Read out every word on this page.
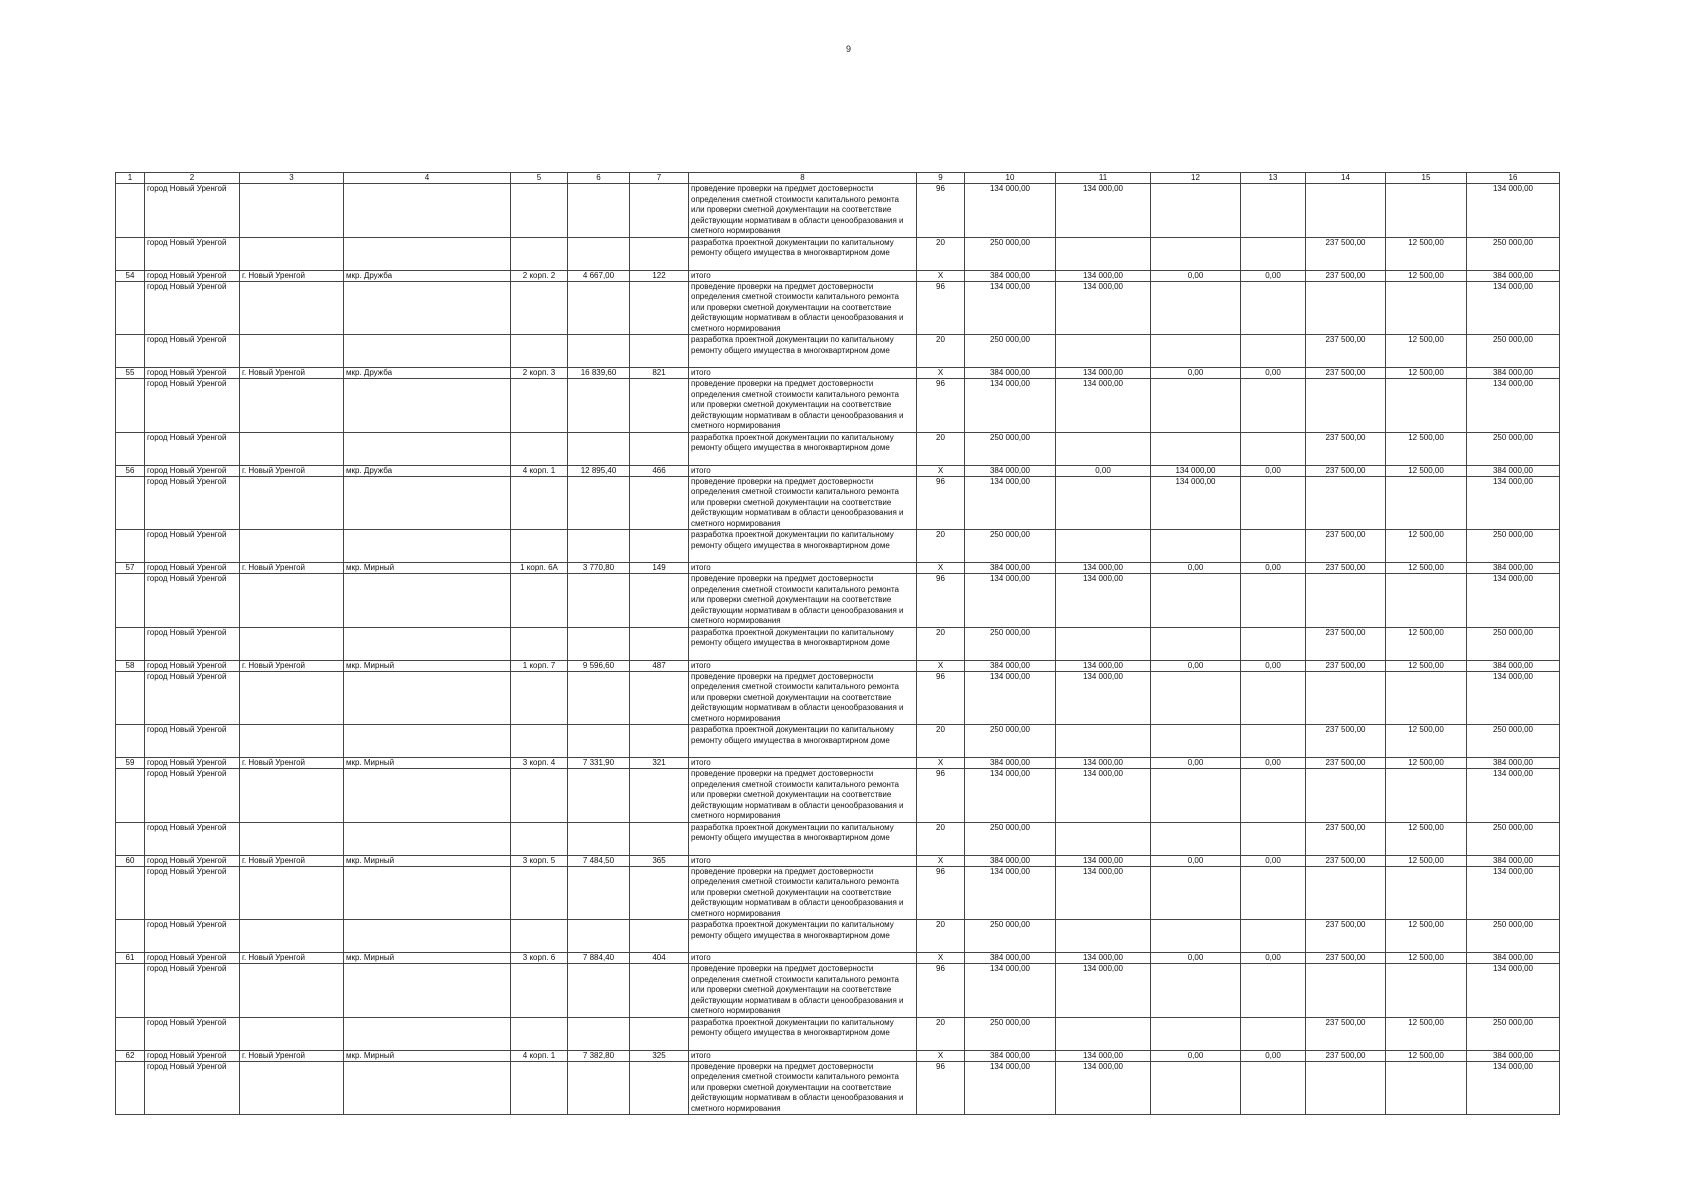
9
1	2	3	4	5	6	7	8	9	10	11	12	13	14	15	16
	город Новый Уренгой						проведение проверки на предмет достоверности определения сметной стоимости капитального ремонта или проверки сметной документации на соответствие действующим нормативам в области ценообразования и сметного нормирования	96	134 000,00	134 000,00					134 000,00
	город Новый Уренгой						разработка проектной документации по капитальному ремонту общего имущества в многоквартирном доме	20	250 000,00				237 500,00	12 500,00	250 000,00
54	город Новый Уренгой	г. Новый Уренгой	мкр. Дружба	2 корп. 2	4 667,00	122	итого	Х	384 000,00	134 000,00	0,00	0,00	237 500,00	12 500,00	384 000,00
	город Новый Уренгой						проведение проверки на предмет достоверности определения сметной стоимости капитального ремонта или проверки сметной документации на соответствие действующим нормативам в области ценообразования и сметного нормирования	96	134 000,00	134 000,00					134 000,00
	город Новый Уренгой						разработка проектной документации по капитальному ремонту общего имущества в многоквартирном доме	20	250 000,00				237 500,00	12 500,00	250 000,00
55	город Новый Уренгой	г. Новый Уренгой	мкр. Дружба	2 корп. 3	16 839,60	821	итого	Х	384 000,00	134 000,00	0,00	0,00	237 500,00	12 500,00	384 000,00
	город Новый Уренгой						проведение проверки на предмет достоверности определения сметной стоимости капитального ремонта или проверки сметной документации на соответствие действующим нормативам в области ценообразования и сметного нормирования	96	134 000,00	134 000,00					134 000,00
	город Новый Уренгой						разработка проектной документации по капитальному ремонту общего имущества в многоквартирном доме	20	250 000,00				237 500,00	12 500,00	250 000,00
56	город Новый Уренгой	г. Новый Уренгой	мкр. Дружба	4 корп. 1	12 895,40	466	итого	Х	384 000,00	0,00	134 000,00	0,00	237 500,00	12 500,00	384 000,00
	город Новый Уренгой						проведение проверки на предмет достоверности определения сметной стоимости капитального ремонта или проверки сметной документации на соответствие действующим нормативам в области ценообразования и сметного нормирования	96	134 000,00		134 000,00				134 000,00
	город Новый Уренгой						разработка проектной документации по капитальному ремонту общего имущества в многоквартирном доме	20	250 000,00				237 500,00	12 500,00	250 000,00
57	город Новый Уренгой	г. Новый Уренгой	мкр. Мирный	1 корп. 6А	3 770,80	149	итого	Х	384 000,00	134 000,00	0,00	0,00	237 500,00	12 500,00	384 000,00
	город Новый Уренгой						проведение проверки на предмет достоверности определения сметной стоимости капитального ремонта или проверки сметной документации на соответствие действующим нормативам в области ценообразования и сметного нормирования	96	134 000,00	134 000,00					134 000,00
	город Новый Уренгой						разработка проектной документации по капитальному ремонту общего имущества в многоквартирном доме	20	250 000,00				237 500,00	12 500,00	250 000,00
58	город Новый Уренгой	г. Новый Уренгой	мкр. Мирный	1 корп. 7	9 596,60	487	итого	Х	384 000,00	134 000,00	0,00	0,00	237 500,00	12 500,00	384 000,00
	город Новый Уренгой						проведение проверки на предмет достоверности определения сметной стоимости капитального ремонта или проверки сметной документации на соответствие действующим нормативам в области ценообразования и сметного нормирования	96	134 000,00	134 000,00					134 000,00
	город Новый Уренгой						разработка проектной документации по капитальному ремонту общего имущества в многоквартирном доме	20	250 000,00				237 500,00	12 500,00	250 000,00
59	город Новый Уренгой	г. Новый Уренгой	мкр. Мирный	3 корп. 4	7 331,90	321	итого	Х	384 000,00	134 000,00	0,00	0,00	237 500,00	12 500,00	384 000,00
	город Новый Уренгой						проведение проверки на предмет достоверности определения сметной стоимости капитального ремонта или проверки сметной документации на соответствие действующим нормативам в области ценообразования и сметного нормирования	96	134 000,00	134 000,00					134 000,00
	город Новый Уренгой						разработка проектной документации по капитальному ремонту общего имущества в многоквартирном доме	20	250 000,00				237 500,00	12 500,00	250 000,00
60	город Новый Уренгой	г. Новый Уренгой	мкр. Мирный	3 корп. 5	7 484,50	365	итого	Х	384 000,00	134 000,00	0,00	0,00	237 500,00	12 500,00	384 000,00
	город Новый Уренгой						проведение проверки на предмет достоверности определения сметной стоимости капитального ремонта или проверки сметной документации на соответствие действующим нормативам в области ценообразования и сметного нормирования	96	134 000,00	134 000,00					134 000,00
	город Новый Уренгой						разработка проектной документации по капитальному ремонту общего имущества в многоквартирном доме	20	250 000,00				237 500,00	12 500,00	250 000,00
61	город Новый Уренгой	г. Новый Уренгой	мкр. Мирный	3 корп. 6	7 884,40	404	итого	Х	384 000,00	134 000,00	0,00	0,00	237 500,00	12 500,00	384 000,00
	город Новый Уренгой						проведение проверки на предмет достоверности определения сметной стоимости капитального ремонта или проверки сметной документации на соответствие действующим нормативам в области ценообразования и сметного нормирования	96	134 000,00	134 000,00					134 000,00
	город Новый Уренгой						разработка проектной документации по капитальному ремонту общего имущества в многоквартирном доме	20	250 000,00				237 500,00	12 500,00	250 000,00
62	город Новый Уренгой	г. Новый Уренгой	мкр. Мирный	4 корп. 1	7 382,80	325	итого	Х	384 000,00	134 000,00	0,00	0,00	237 500,00	12 500,00	384 000,00
	город Новый Уренгой						проведение проверки на предмет достоверности определения сметной стоимости капитального ремонта или проверки сметной документации на соответствие действующим нормативам в области ценообразования и сметного нормирования	96	134 000,00	134 000,00					134 000,00
